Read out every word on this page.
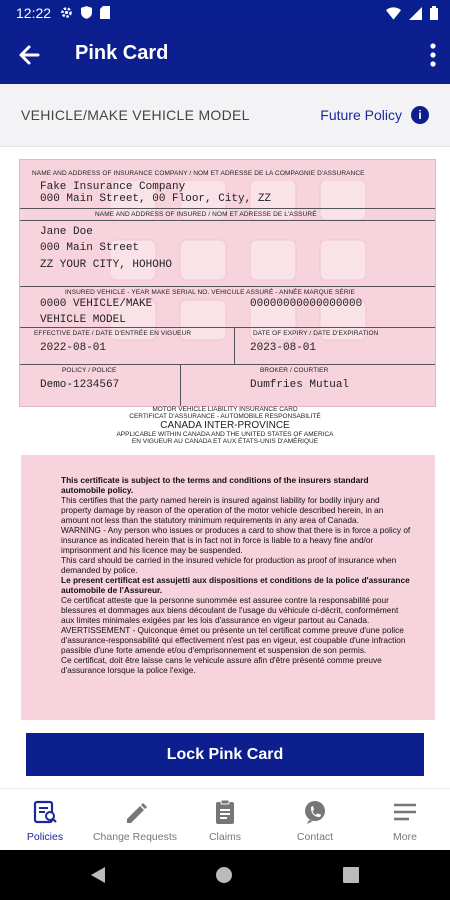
12:22
Pink Card
VEHICLE/MAKE VEHICLE MODEL	Future Policy	i
NAME AND ADDRESS OF INSURANCE COMPANY / NOM ET ADRESSE DE LA COMPAGNIE D'ASSURANCE
Fake Insurance Company
000 Main Street, 00 Floor, City, ZZ
NAME AND ADDRESS OF INSURED / NOM ET ADRESSE DE L'ASSURÉ
Jane Doe
000 Main Street
ZZ YOUR CITY, HOHOHO
INSURED VEHICLE - YEAR MAKE SERIAL NO. VEHICULE ASSURÉ - ANNÉE MARQUE SÉRIE
0000 VEHICLE/MAKE	00000000000000000
VEHICLE MODEL
EFFECTIVE DATE / DATE D'ENTRÉE EN VIGUEUR	DATE OF EXPIRY / DATE D'EXPIRATION
2022-08-01	2023-08-01
POLICY / POLICE	BROKER / COURTIER
Demo-1234567	Dumfries Mutual
MOTOR VEHICLE LIABILITY INSURANCE CARD
CERTIFICAT D'ASSURANCE - AUTOMOBILE RESPONSABILITÉ
CANADA INTER-PROVINCE
APPLICABLE WITHIN CANADA AND THE UNITED STATES OF AMERICA
EN VIGUEUR AU CANADA ET AUX ÉTATS-UNIS D'AMÉRIQUE

This certificate is subject to the terms and conditions of the insurers standard automobile policy.

This certifies that the party named herein is insured against liability for bodily injury and property damage by reason of the operation of the motor vehicle described herein, in an amount not less than the statutory minimum requirements in any area of Canada.

WARNING - Any person who issues or produces a card to show that there is in force a policy of insurance as indicated herein that is in fact not in force is liable to a heavy fine and/or imprisonment and his licence may be suspended.

This card should be carried in the insured vehicle for production as proof of insurance when demanded by police.

Le present certificat est assujetti aux dispositions et conditions de la police d'assurance automobile de l'Assureur.

Ce certificat atteste que la personne sunommée est assuree contre la responsabilité pour blessures et dommages aux biens découlant de l'usage du véhicule ci-décrit, conformément aux limites minimales exigées par les lois d'assurance en vigeur partout au Canada.

AVERTISSEMENT - Quiconque émet ou présente un tel certificat comme preuve d'une police d'assurance-responsabilité qui effectivement n'est pas en vigeur, est coupable d'une infraction passible d'une forte amende et/ou d'emprisonnement et suspension de son permis.

Ce certificat, doit être laisse cans le vehicule assure afin d'être présenté comme preuve d'assurance lorsque la police l'exige.

Lock Pink Card
Policies	Change Requests	Claims	Contact	More
